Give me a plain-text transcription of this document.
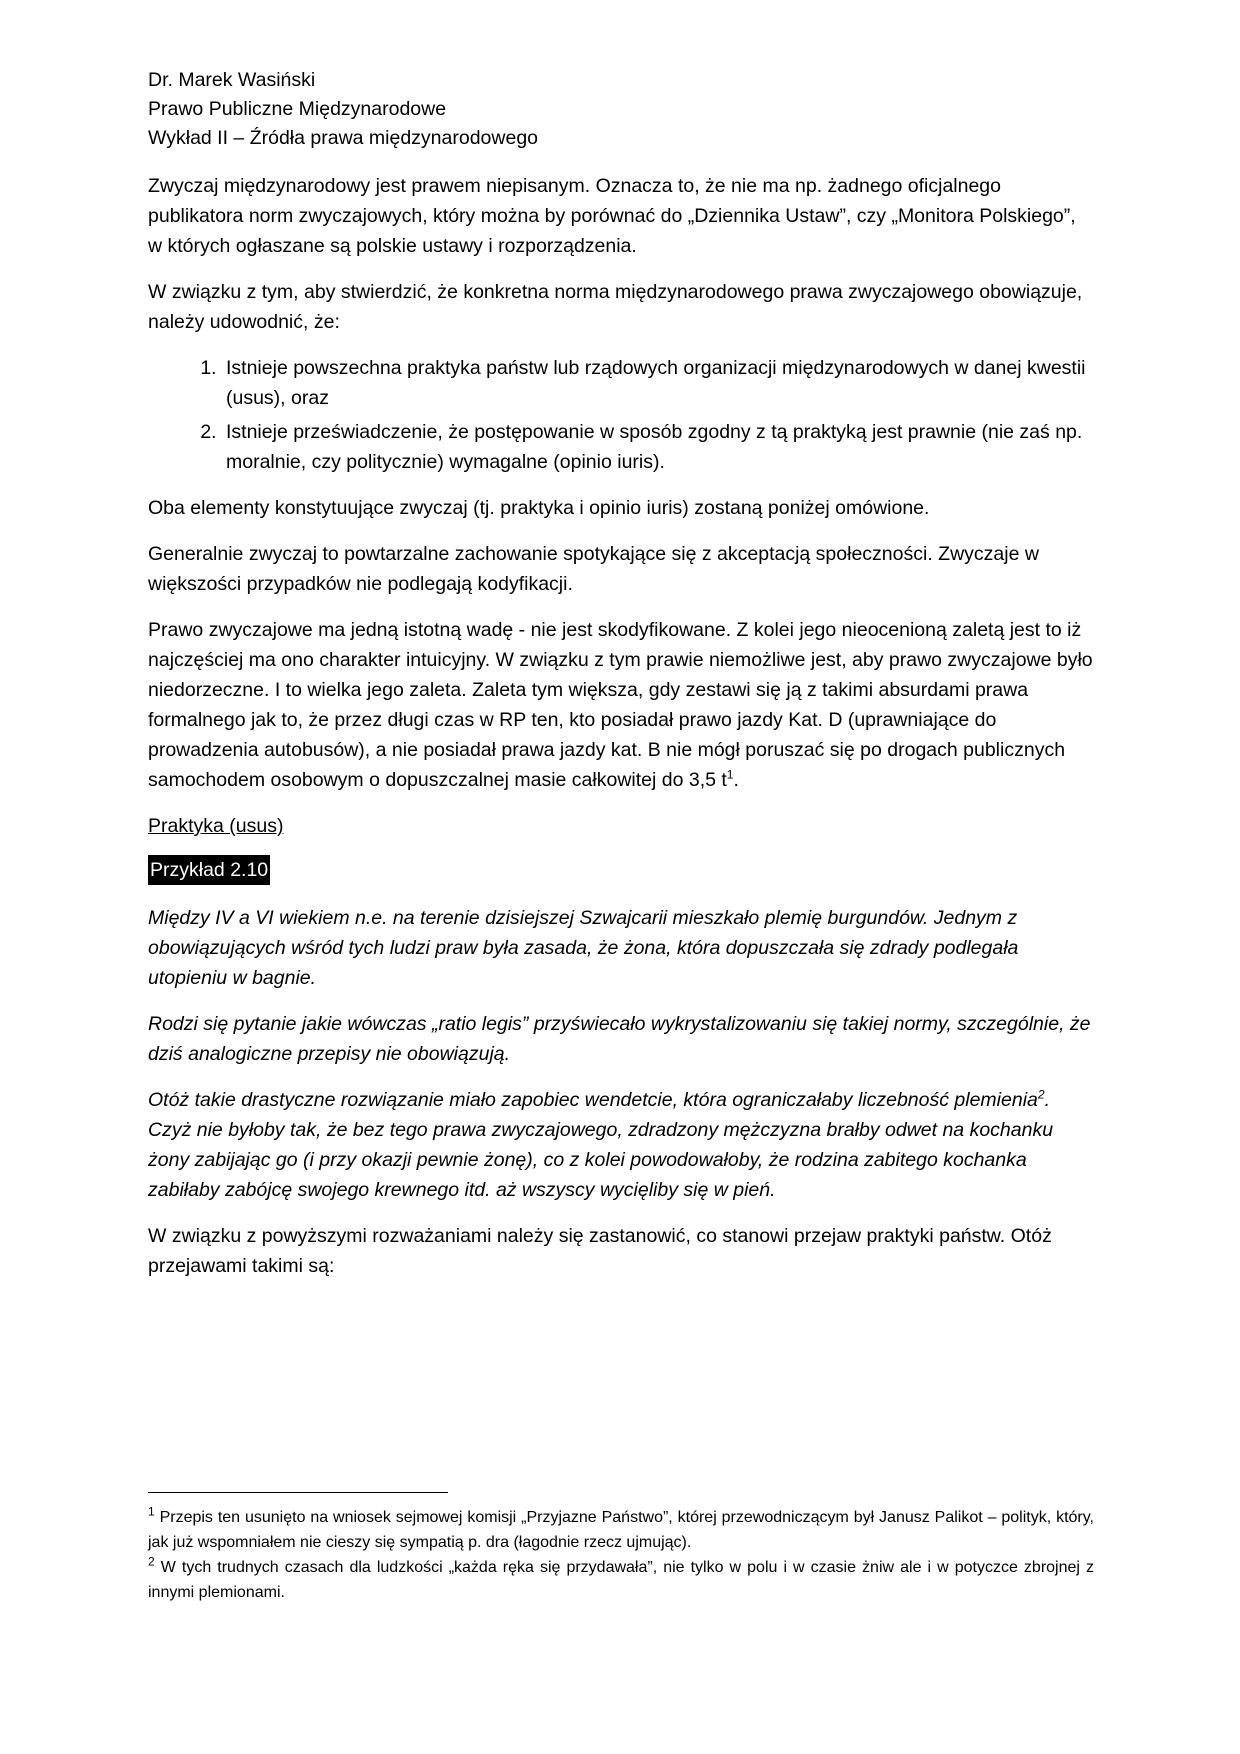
Dr. Marek Wasiński

Prawo Publiczne Międzynarodowe

Wykład II – Źródła prawa międzynarodowego

Zwyczaj międzynarodowy jest prawem niepisanym. Oznacza to, że nie ma np. żadnego oficjalnego publikatora norm zwyczajowych, który można by porównać do „Dziennika Ustaw”, czy „Monitora Polskiego”, w których ogłaszane są polskie ustawy i rozporządzenia.

W związku z tym, aby stwierdzić, że konkretna norma międzynarodowego prawa zwyczajowego obowiązuje, należy udowodnić, że:

1. Istnieje powszechna praktyka państw lub rządowych organizacji międzynarodowych w danej kwestii (usus), oraz
2. Istnieje przeświadczenie, że postępowanie w sposób zgodny z tą praktyką jest prawnie (nie zaś np. moralnie, czy politycznie) wymagalne (opinio iuris).

Oba elementy konstytuujące zwyczaj (tj. praktyka i opinio iuris) zostaną poniżej omówione.

Generalnie zwyczaj to powtarzalne zachowanie spotykające się z akceptacją społeczności. Zwyczaje w większości przypadków nie podlegają kodyfikacji.

Prawo zwyczajowe ma jedną istotną wadę - nie jest skodyfikowane. Z kolei jego nieocenioną zaletą jest to iż najczęściej ma ono charakter intuicyjny. W związku z tym prawie niemożliwe jest, aby prawo zwyczajowe było niedorzeczne. I to wielka jego zaleta. Zaleta tym większa, gdy zestawi się ją z takimi absurdami prawa formalnego jak to, że przez długi czas w RP ten, kto posiadał prawo jazdy Kat. D (uprawniające do prowadzenia autobusów), a nie posiadał prawa jazdy kat. B nie mógł poruszać się po drogach publicznych samochodem osobowym o dopuszczalnej masie całkowitej do 3,5 $t^1$.

Praktyka (usus)

Przykład 2.10

Między IV a VI wiekiem n.e. na terenie dzisiejszej Szwajcarii mieszkało plemię burgundów. Jednym z obowiązujących wśród tych ludzi praw była zasada, że żona, która dopuszczała się zdrady podlegała utopieniu w bagnie.

Rodzi się pytanie jakie wówczas „ratio legis” przyświecało wykrystalizowaniu się takiej normy, szczególnie, że dziś analogiczne przepisy nie obowiązują.

Otóż takie drastyczne rozwiązanie miało zapobiec wendetcie, która ograniczałaby liczebność plemienia$^2$. Czyż nie byłoby tak, że bez tego prawa zwyczajowego, zdradzony mężczyzna brałby odwet na kochanku żony zabijając go (i przy okazji pewnie żonę), co z kolei powodowałoby, że rodzina zabitego kochanka zabiłaby zabójcę swojego krewnego itd. aż wszyscy wycięliby się w pień.

W związku z powyższymi rozważaniami należy się zastanowić, co stanowi przejaw praktyki państw. Otóż przejawami takimi są:

$^1$ Przepis ten usunięto na wniosek sejmowej komisji „Przyjazne Państwo”, której przewodniczącym był Janusz Palikot – polityk, który, jak już wspomniałem nie cieszy się sympatią p. dra (łagodnie rzecz ujmując).

$^2$ W tych trudnych czasach dla ludzkości „każda ręka się przydawała”, nie tylko w polu i w czasie żniw ale i w potyczce zbrojnej z innymi plemionami.
